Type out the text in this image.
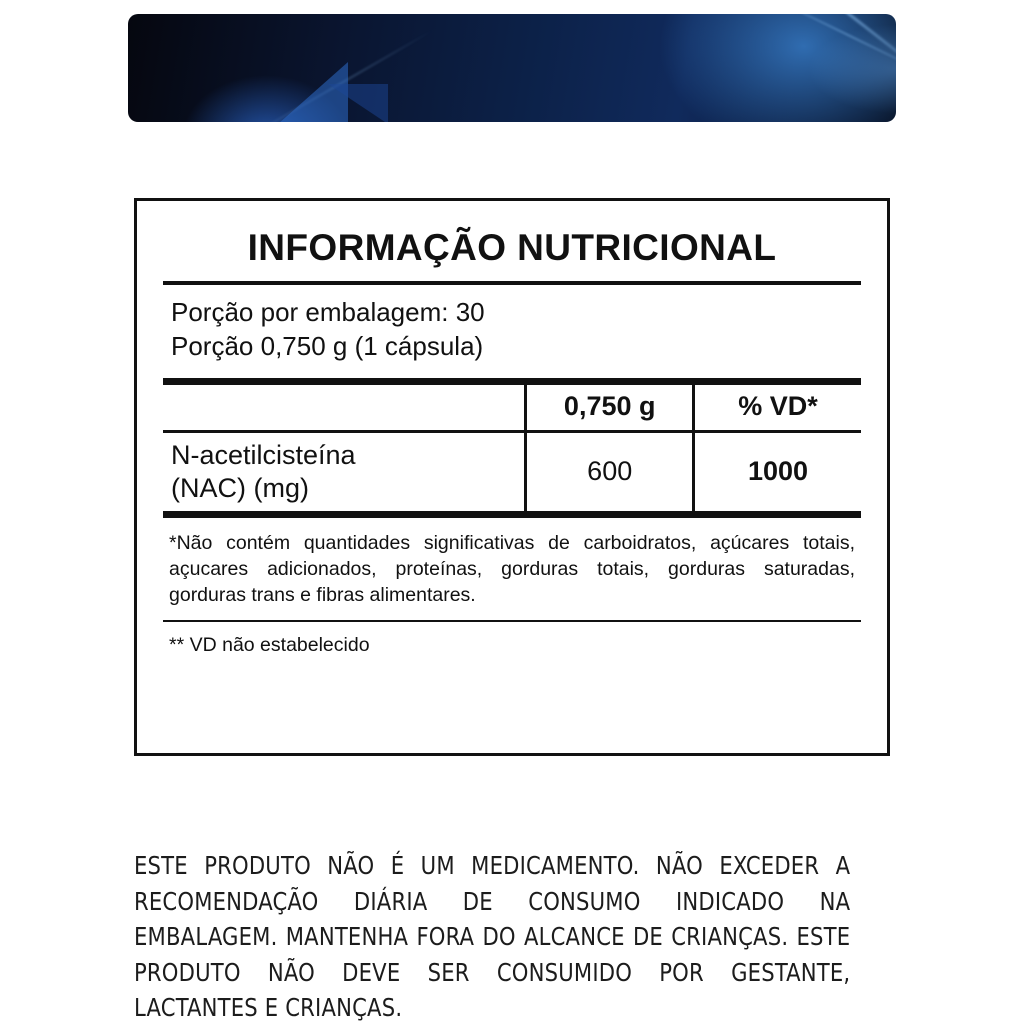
INFORMAÇÃO NUTRICIONAL
Porção por embalagem: 30
Porção 0,750 g (1 cápsula)
	0,750 g	% VD*

N-acetilcisteína
(NAC) (mg)	600	1000
*Não contém quantidades significativas de carboidratos, açúcares totais, açucares adicionados, proteínas, gorduras totais, gorduras saturadas, gorduras trans e fibras alimentares.
** VD não estabelecido
ESTE PRODUTO NÃO É UM MEDICAMENTO. NÃO EXCEDER A RECOMENDAÇÃO DIÁRIA DE CONSUMO INDICADO NA EMBALAGEM. MANTENHA FORA DO ALCANCE DE CRIANÇAS. ESTE PRODUTO NÃO DEVE SER CONSUMIDO POR GESTANTE, LACTANTES E CRIANÇAS.
